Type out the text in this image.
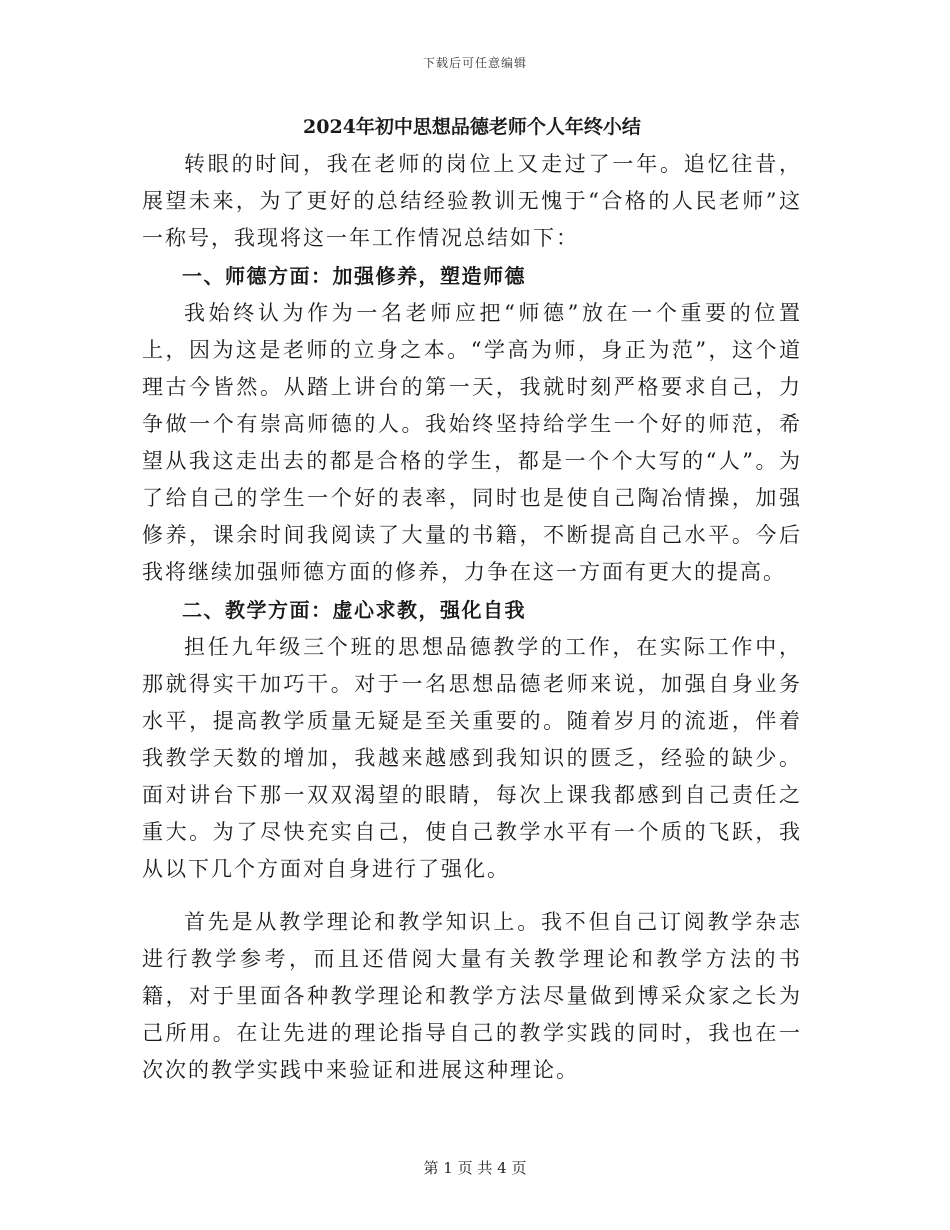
下载后可任意编辑
2024年初中思想品德老师个人年终小结

转眼的时间，我在老师的岗位上又走过了一年。追忆往昔，展望未来，为了更好的总结经验教训无愧于“合格的人民老师”这一称号，我现将这一年工作情况总结如下：

一、师德方面：加强修养，塑造师德

我始终认为作为一名老师应把“师德”放在一个重要的位置上，因为这是老师的立身之本。“学高为师，身正为范”，这个道理古今皆然。从踏上讲台的第一天，我就时刻严格要求自己，力争做一个有崇高师德的人。我始终坚持给学生一个好的师范，希望从我这走出去的都是合格的学生，都是一个个大写的“人”。为了给自己的学生一个好的表率，同时也是使自己陶冶情操，加强修养，课余时间我阅读了大量的书籍，不断提高自己水平。今后我将继续加强师德方面的修养，力争在这一方面有更大的提高。

二、教学方面：虚心求教，强化自我

担任九年级三个班的思想品德教学的工作，在实际工作中，那就得实干加巧干。对于一名思想品德老师来说，加强自身业务水平，提高教学质量无疑是至关重要的。随着岁月的流逝，伴着我教学天数的增加，我越来越感到我知识的匮乏，经验的缺少。面对讲台下那一双双渴望的眼睛，每次上课我都感到自己责任之重大。为了尽快充实自己，使自己教学水平有一个质的飞跃，我从以下几个方面对自身进行了强化。

首先是从教学理论和教学知识上。我不但自己订阅教学杂志进行教学参考，而且还借阅大量有关教学理论和教学方法的书籍，对于里面各种教学理论和教学方法尽量做到博采众家之长为己所用。在让先进的理论指导自己的教学实践的同时，我也在一次次的教学实践中来验证和进展这种理论。

第 1 页 共 4 页
